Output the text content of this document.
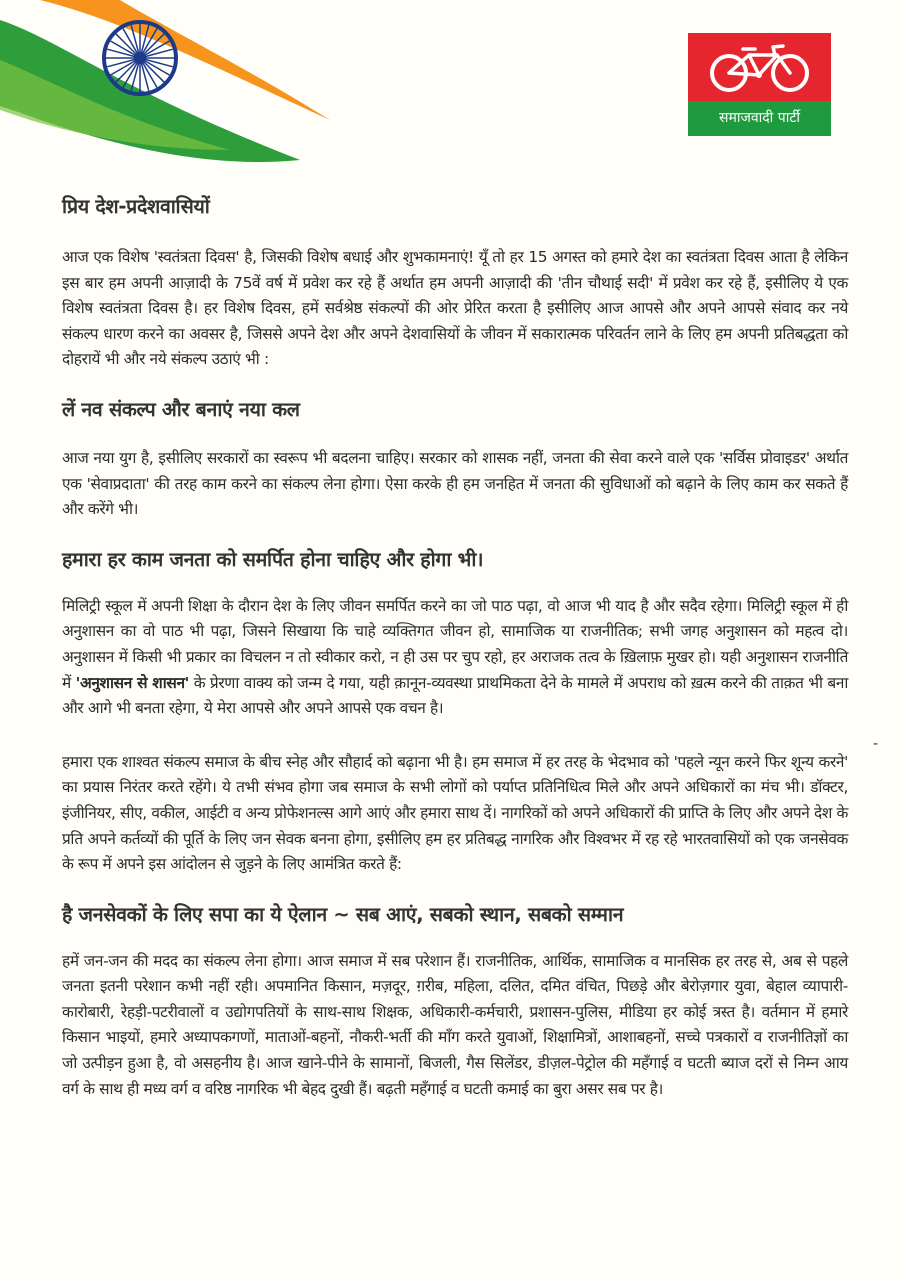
समाजवादी पार्टी
प्रिय देश-प्रदेशवासियों

आज एक विशेष 'स्वतंत्रता दिवस' है, जिसकी विशेष बधाई और शुभकामनाएं! यूँ तो हर 15 अगस्त को हमारे देश का स्वतंत्रता दिवस आता है लेकिन इस बार हम अपनी आज़ादी के 75वें वर्ष में प्रवेश कर रहे हैं अर्थात हम अपनी आज़ादी की 'तीन चौथाई सदी' में प्रवेश कर रहे हैं, इसीलिए ये एक विशेष स्वतंत्रता दिवस है। हर विशेष दिवस, हमें सर्वश्रेष्ठ संकल्पों की ओर प्रेरित करता है इसीलिए आज आपसे और अपने आपसे संवाद कर नये संकल्प धारण करने का अवसर है, जिससे अपने देश और अपने देशवासियों के जीवन में सकारात्मक परिवर्तन लाने के लिए हम अपनी प्रतिबद्धता को दोहरायें भी और नये संकल्प उठाएं भी :

लें नव संकल्प और बनाएं नया कल

आज नया युग है, इसीलिए सरकारों का स्वरूप भी बदलना चाहिए। सरकार को शासक नहीं, जनता की सेवा करने वाले एक 'सर्विस प्रोवाइडर' अर्थात एक 'सेवाप्रदाता' की तरह काम करने का संकल्प लेना होगा। ऐसा करके ही हम जनहित में जनता की सुविधाओं को बढ़ाने के लिए काम कर सकते हैं और करेंगे भी।

हमारा हर काम जनता को समर्पित होना चाहिए और होगा भी।

मिलिट्री स्कूल में अपनी शिक्षा के दौरान देश के लिए जीवन समर्पित करने का जो पाठ पढ़ा, वो आज भी याद है और सदैव रहेगा। मिलिट्री स्कूल में ही अनुशासन का वो पाठ भी पढ़ा, जिसने सिखाया कि चाहे व्यक्तिगत जीवन हो, सामाजिक या राजनीतिक; सभी जगह अनुशासन को महत्व दो। अनुशासन में किसी भी प्रकार का विचलन न तो स्वीकार करो, न ही उस पर चुप रहो, हर अराजक तत्व के ख़िलाफ़ मुखर हो। यही अनुशासन राजनीति में 'अनुशासन से शासन' के प्रेरणा वाक्य को जन्म दे गया, यही क़ानून-व्यवस्था प्राथमिकता देने के मामले में अपराध को ख़त्म करने की ताक़त भी बना और आगे भी बनता रहेगा, ये मेरा आपसे और अपने आपसे एक वचन है।

-

हमारा एक शाश्वत संकल्प समाज के बीच स्नेह और सौहार्द को बढ़ाना भी है। हम समाज में हर तरह के भेदभाव को 'पहले न्यून करने फिर शून्य करने' का प्रयास निरंतर करते रहेंगे। ये तभी संभव होगा जब समाज के सभी लोगों को पर्याप्त प्रतिनिधित्व मिले और अपने अधिकारों का मंच भी। डॉक्टर, इंजीनियर, सीए, वकील, आईटी व अन्य प्रोफेशनल्स आगे आएं और हमारा साथ दें। नागरिकों को अपने अधिकारों की प्राप्ति के लिए और अपने देश के प्रति अपने कर्तव्यों की पूर्ति के लिए जन सेवक बनना होगा, इसीलिए हम हर प्रतिबद्ध नागरिक और विश्वभर में रह रहे भारतवासियों को एक जनसेवक के रूप में अपने इस आंदोलन से जुड़ने के लिए आमंत्रित करते हैं:

है जनसेवकों के लिए सपा का ये ऐलान ~ सब आएं, सबको स्थान, सबको सम्मान

हमें जन-जन की मदद का संकल्प लेना होगा। आज समाज में सब परेशान हैं। राजनीतिक, आर्थिक, सामाजिक व मानसिक हर तरह से, अब से पहले जनता इतनी परेशान कभी नहीं रही। अपमानित किसान, मज़दूर, ग़रीब, महिला, दलित, दमित वंचित, पिछड़े और बेरोज़गार युवा, बेहाल व्यापारी-कारोबारी, रेहड़ी-पटरीवालों व उद्योगपतियों के साथ-साथ शिक्षक, अधिकारी-कर्मचारी, प्रशासन-पुलिस, मीडिया हर कोई त्रस्त है। वर्तमान में हमारे किसान भाइयों, हमारे अध्यापकगणों, माताओं-बहनों, नौकरी-भर्ती की माँग करते युवाओं, शिक्षामित्रों, आशाबहनों, सच्चे पत्रकारों व राजनीतिज्ञों का जो उत्पीड़न हुआ है, वो असहनीय है। आज खाने-पीने के सामानों, बिजली, गैस सिलेंडर, डीज़ल-पेट्रोल की महँगाई व घटती ब्याज दरों से निम्न आय वर्ग के साथ ही मध्य वर्ग व वरिष्ठ नागरिक भी बेहद दुखी हैं। बढ़ती महँगाई व घटती कमाई का बुरा असर सब पर है।
